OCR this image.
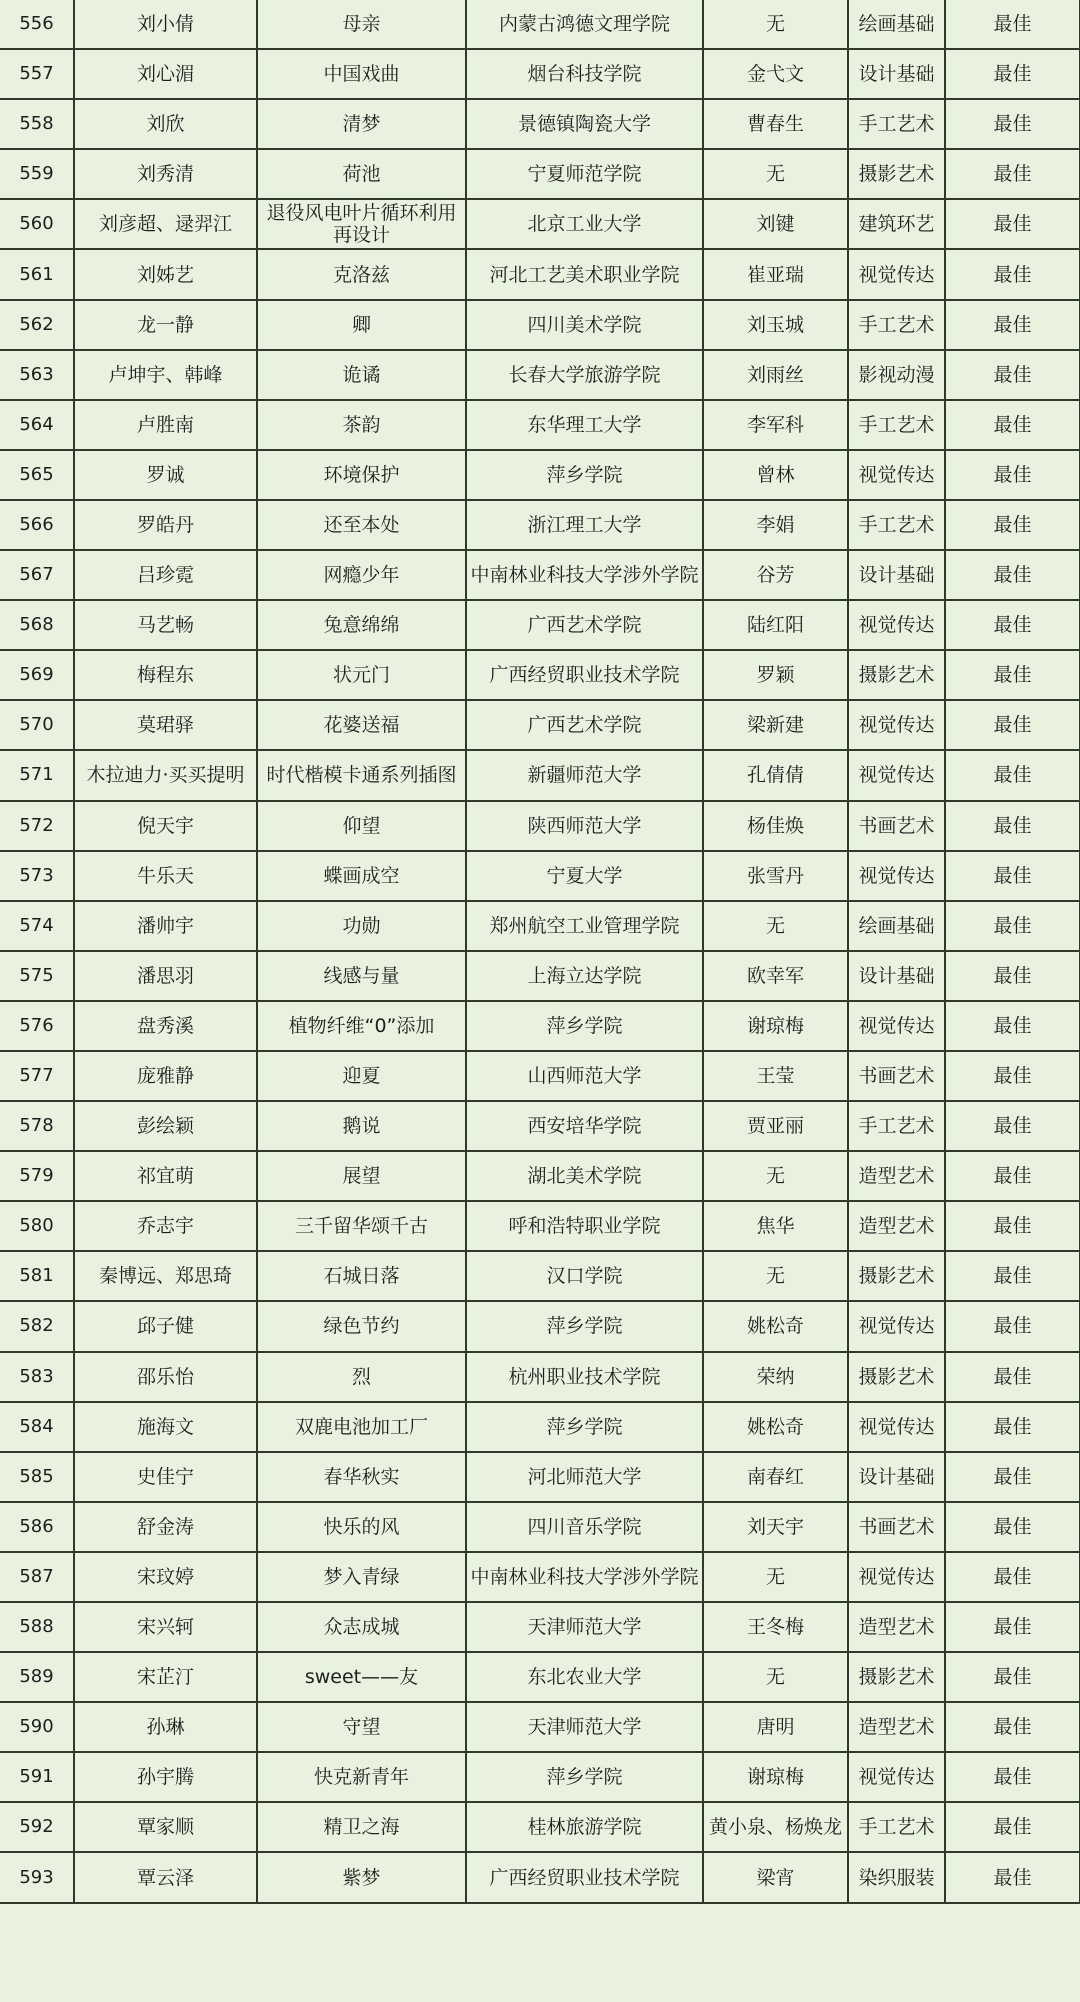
556	刘小倩	母亲	内蒙古鸿德文理学院	无	绘画基础	最佳
557	刘心湄	中国戏曲	烟台科技学院	金弋文	设计基础	最佳
558	刘欣	清梦	景德镇陶瓷大学	曹春生	手工艺术	最佳
559	刘秀清	荷池	宁夏师范学院	无	摄影艺术	最佳
560	刘彦超、逯羿江	退役风电叶片循环利用再设计	北京工业大学	刘键	建筑环艺	最佳
561	刘姊艺	克洛兹	河北工艺美术职业学院	崔亚瑞	视觉传达	最佳
562	龙一静	卿	四川美术学院	刘玉城	手工艺术	最佳
563	卢坤宇、韩峰	诡谲	长春大学旅游学院	刘雨丝	影视动漫	最佳
564	卢胜南	茶韵	东华理工大学	李军科	手工艺术	最佳
565	罗诚	环境保护	萍乡学院	曾林	视觉传达	最佳
566	罗皓丹	还至本处	浙江理工大学	李娟	手工艺术	最佳
567	吕珍霓	网瘾少年	中南林业科技大学涉外学院	谷芳	设计基础	最佳
568	马艺畅	兔意绵绵	广西艺术学院	陆红阳	视觉传达	最佳
569	梅程东	状元门	广西经贸职业技术学院	罗颖	摄影艺术	最佳
570	莫珺驿	花婆送福	广西艺术学院	梁新建	视觉传达	最佳
571	木拉迪力·买买提明	时代楷模卡通系列插图	新疆师范大学	孔倩倩	视觉传达	最佳
572	倪天宇	仰望	陕西师范大学	杨佳焕	书画艺术	最佳
573	牛乐天	蝶画成空	宁夏大学	张雪丹	视觉传达	最佳
574	潘帅宇	功勋	郑州航空工业管理学院	无	绘画基础	最佳
575	潘思羽	线感与量	上海立达学院	欧幸军	设计基础	最佳
576	盘秀溪	植物纤维“0”添加	萍乡学院	谢琼梅	视觉传达	最佳
577	庞雅静	迎夏	山西师范大学	王莹	书画艺术	最佳
578	彭绘颖	鹅说	西安培华学院	贾亚丽	手工艺术	最佳
579	祁宜萌	展望	湖北美术学院	无	造型艺术	最佳
580	乔志宇	三千留华颂千古	呼和浩特职业学院	焦华	造型艺术	最佳
581	秦博远、郑思琦	石城日落	汉口学院	无	摄影艺术	最佳
582	邱子健	绿色节约	萍乡学院	姚松奇	视觉传达	最佳
583	邵乐怡	烈	杭州职业技术学院	荣纳	摄影艺术	最佳
584	施海文	双鹿电池加工厂	萍乡学院	姚松奇	视觉传达	最佳
585	史佳宁	春华秋实	河北师范大学	南春红	设计基础	最佳
586	舒金涛	快乐的风	四川音乐学院	刘天宇	书画艺术	最佳
587	宋玟婷	梦入青绿	中南林业科技大学涉外学院	无	视觉传达	最佳
588	宋兴轲	众志成城	天津师范大学	王冬梅	造型艺术	最佳
589	宋芷汀	sweet——友	东北农业大学	无	摄影艺术	最佳
590	孙琳	守望	天津师范大学	唐明	造型艺术	最佳
591	孙宇腾	快克新青年	萍乡学院	谢琼梅	视觉传达	最佳
592	覃家顺	精卫之海	桂林旅游学院	黄小泉、杨焕龙	手工艺术	最佳
593	覃云泽	紫梦	广西经贸职业技术学院	梁宵	染织服装	最佳
